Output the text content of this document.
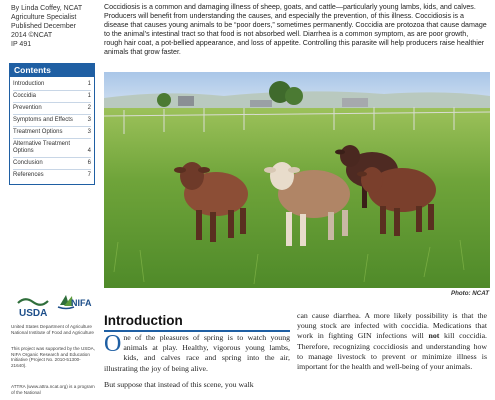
By Linda Coffey, NCAT
Agriculture Specialist
Published December
2014 ©NCAT
IP 491
Contents
Introduction	1
Coccidia	1
Prevention	2
Symptoms and Effects 3
Treatment Options	3
Alternative Treatment Options	4
Conclusion	6
References	7
USDA
NIFA
United States Department of Agriculture National Institute of Food and Agriculture
This project was supported by the USDA, NIFA Organic Research and Education Initiative (Project No. 2010-51300-21640).
ATTRA (www.attra.ncat.org) is a program of the National
Coccidiosis is a common and damaging illness of sheep, goats, and cattle—particularly young lambs, kids, and calves. Producers will benefit from understanding the causes, and especially the prevention, of this illness. Coccidiosis is a disease that causes young animals to be “poor doers,” sometimes permanently. Coccidia are protozoa that cause damage to the animal’s intestinal tract so that food is not absorbed well. Diarrhea is a common symptom, as are poor growth, rough hair coat, a pot-bellied appearance, and loss of appetite. Controlling this parasite will help producers raise healthier animals that grow faster.
Photo: NCAT
Introduction
O ne of the pleasures of spring is to watch young animals at play. Healthy, vigorous young lambs, kids, and calves race and spring into the air, illustrating the joy of being alive.
But suppose that instead of this scene, you walk
can cause diarrhea. A more likely possibility is that the young stock are infected with coccidia. Medications that work in fighting GIN infections will not kill coccidia. Therefore, recognizing coccidiosis and understanding how to manage livestock to prevent or minimize illness is important for the health and well-being of your animals.
